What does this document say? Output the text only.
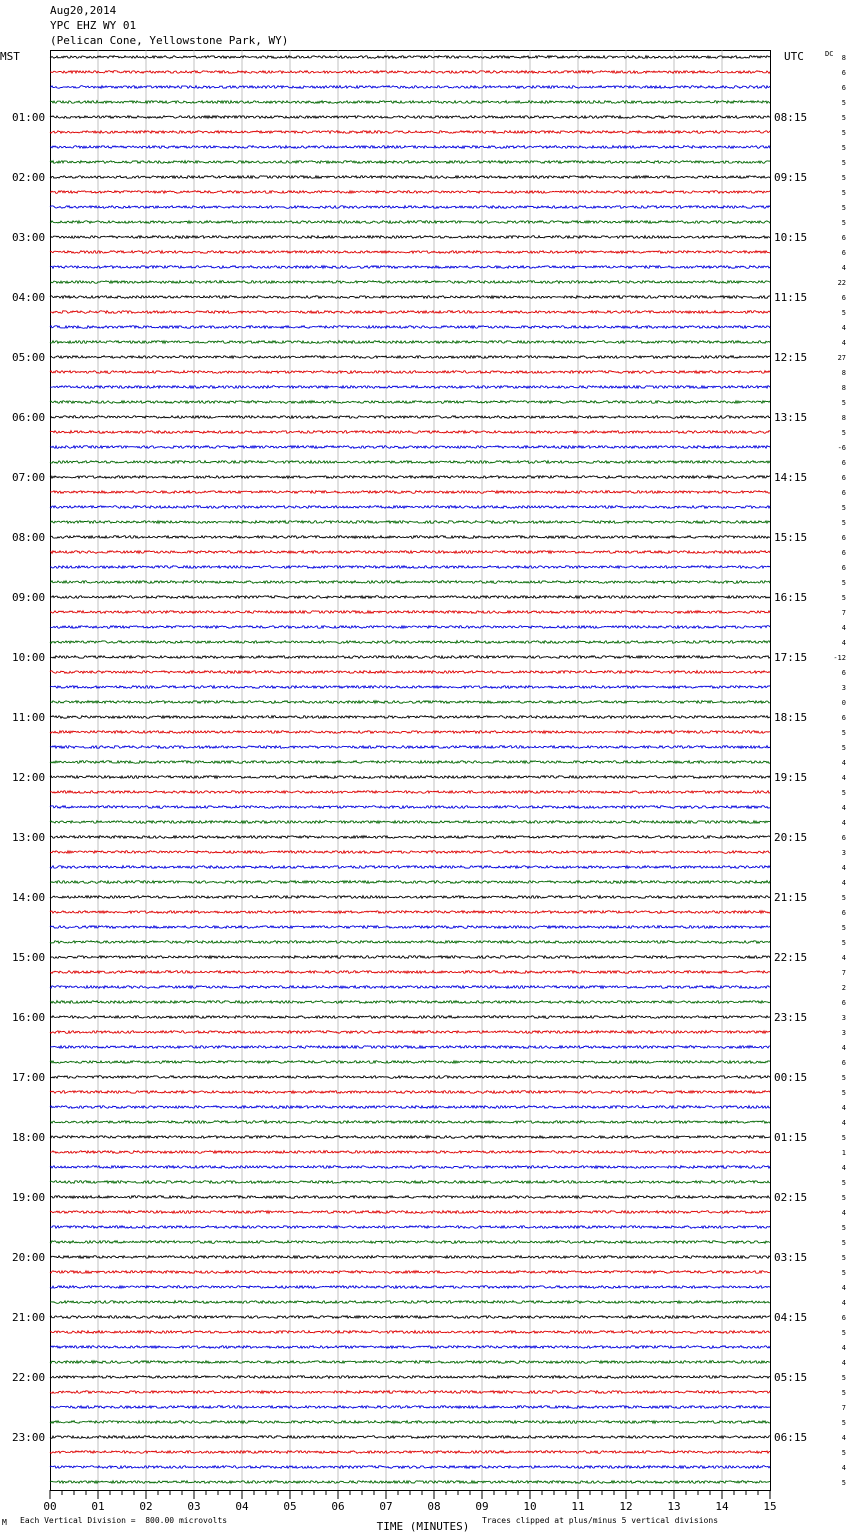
Aug20,2014
YPC EHZ WY 01
(Pelican Cone, Yellowstone Park, WY)
MST	UTC	DC
01:00
02:00
03:00
04:00
05:00
06:00
07:00
08:00
09:00
10:00
11:00
12:00
13:00
14:00
15:00
16:00
17:00
18:00
19:00
20:00
21:00
22:00
23:00
08:15
09:15
10:15
11:15
12:15
13:15
14:15
15:15
16:15
17:15
18:15
19:15
20:15
21:15
22:15
23:15
00:15
01:15
02:15
03:15
04:15
05:15
06:15
8
6
6
5
5
5
5
5
5
5
5
5
6
6
4
22
6
5
4
4
27
8
8
5
8
5
-6
6
6
6
5
5
6
6
6
5
5
7
4
4
-12
6
3
0
6
5
5
4
4
5
4
4
6
3
4
4
5
6
5
5
4
7
2
6
3
3
4
6
5
5
4
4
5
1
4
5
5
4
5
5
5
5
4
4
6
5
4
4
5
5
7
5
4
5
4
5
00	01	02	03	04	05	06	07	08	09	10	11	12	13	14	15
TIME (MINUTES)
M Each Vertical Division =  800.00 microvolts	Traces clipped at plus/minus 5 vertical divisions
